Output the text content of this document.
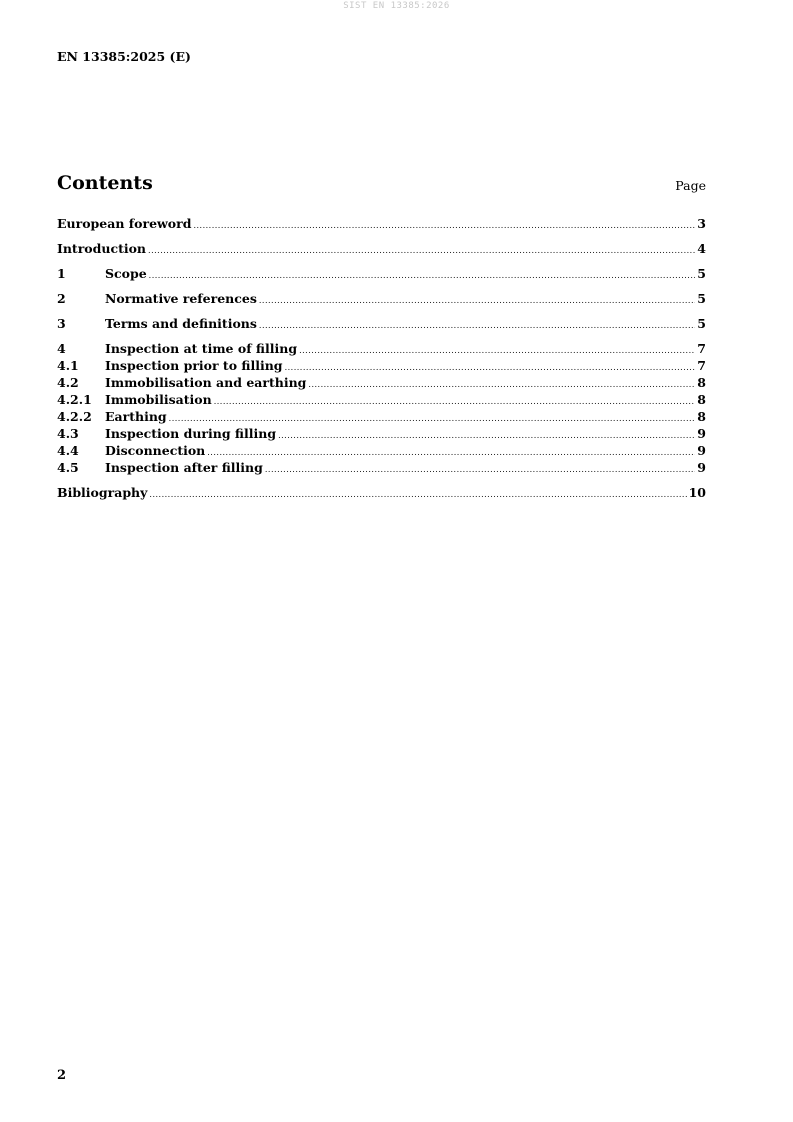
SIST EN 13385:2026
EN 13385:2025 (E)
Contents	Page
European foreword .....	3
Introduction .....	4
1	Scope .....	5
2	Normative references .....	5
3	Terms and definitions .....	5
4	Inspection at time of filling .....	7
4.1	Inspection prior to filling .....	7
4.2	Immobilisation and earthing .....	8
4.2.1	Immobilisation .....	8
4.2.2	Earthing .....	8
4.3	Inspection during filling .....	9
4.4	Disconnection .....	9
4.5	Inspection after filling .....	9
Bibliography .....	10
2
